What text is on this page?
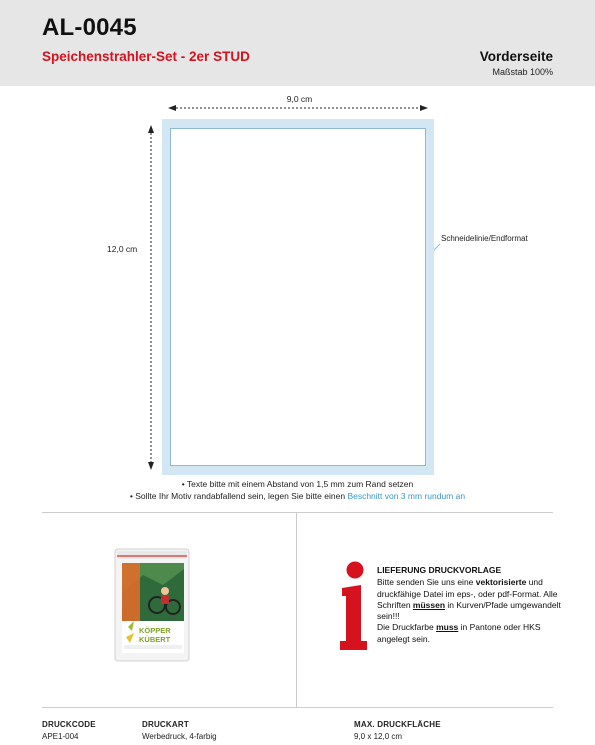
AL-0045
Speichenstrahler-Set - 2er STUD	Vorderseite
Maßstab 100%
9,0 cm
12,0 cm
Schneidelinie/Endformat
• Texte bitte mit einem Abstand von 1,5 mm zum Rand setzen
• Sollte Ihr Motiv randabfallend sein, legen Sie bitte einen Beschnitt von 3 mm rundum an
KÖPPER
KÜBERT
LIEFERUNG DRUCKVORLAGE
Bitte senden Sie uns eine vektorisierte und druckfähige Datei im eps-, oder pdf-Format. Alle Schriften müssen in Kurven/Pfade umgewandelt sein!!!
Die Druckfarbe muss in Pantone oder HKS angelegt sein.
DRUCKCODE
APE1-004
DRUCKART
Werbedruck, 4-farbig
MAX. DRUCKFLÄCHE
9,0 x 12,0 cm
